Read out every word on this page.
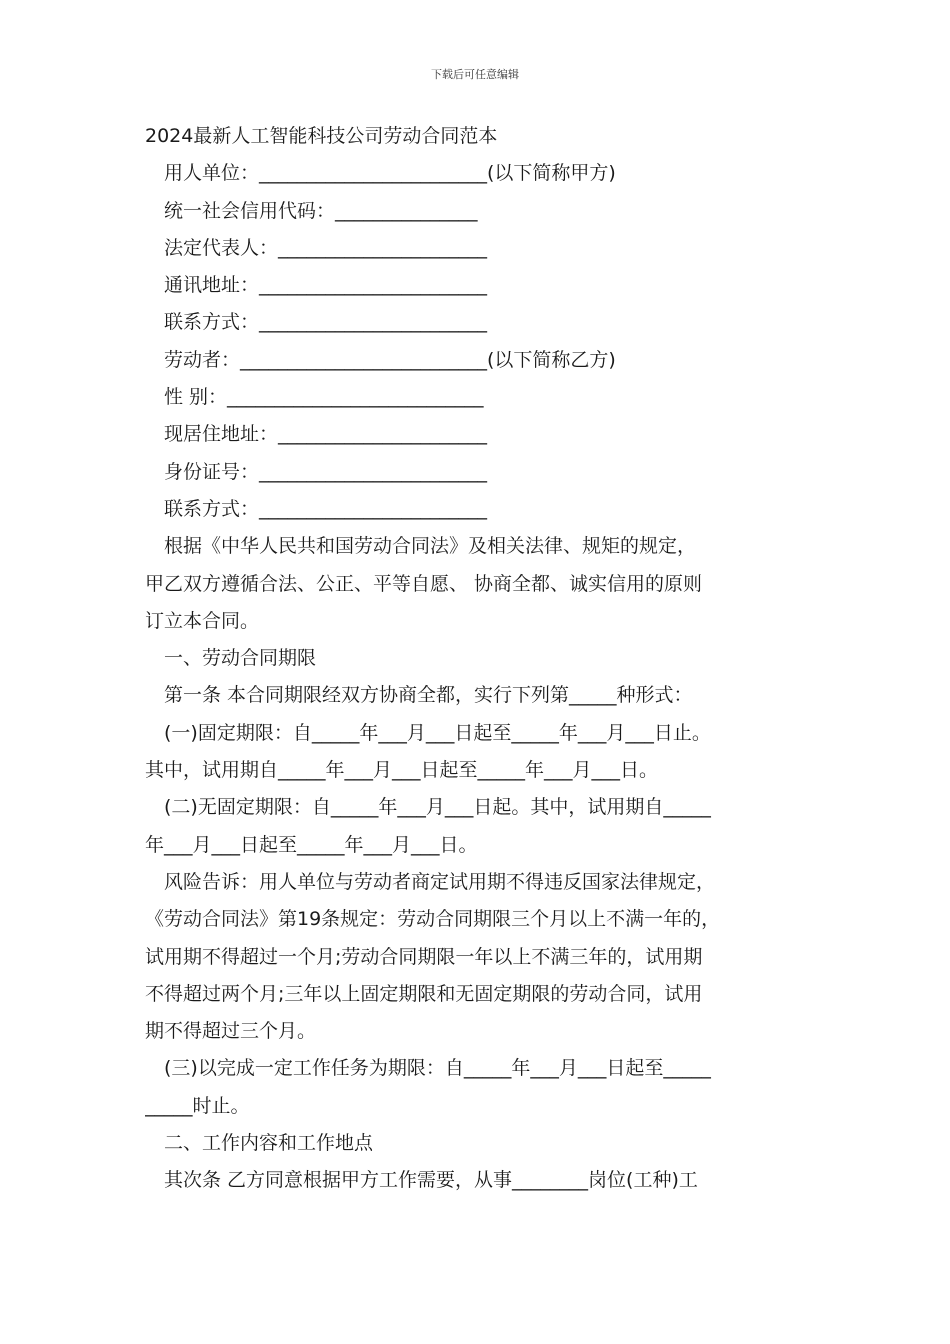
下载后可任意编辑
2024最新人工智能科技公司劳动合同范本
用人单位：________________________(以下简称甲方)
统一社会信用代码：_______________
法定代表人：______________________
通讯地址：________________________
联系方式：________________________
劳动者：__________________________(以下简称乙方)
性 别：___________________________
现居住地址：______________________
身份证号：________________________
联系方式：________________________
根据《中华人民共和国劳动合同法》及相关法律、规矩的规定，
甲乙双方遵循合法、公正、平等自愿、 协商全都、诚实信用的原则
订立本合同。
一、劳动合同期限
第一条 本合同期限经双方协商全都，实行下列第_____种形式：
(一)固定期限：自_____年___月___日起至_____年___月___日止。
其中，试用期自_____年___月___日起至_____年___月___日。
(二)无固定期限：自_____年___月___日起。其中，试用期自_____
年___月___日起至_____年___月___日。
风险告诉：用人单位与劳动者商定试用期不得违反国家法律规定，
《劳动合同法》第19条规定：劳动合同期限三个月以上不满一年的，
试用期不得超过一个月;劳动合同期限一年以上不满三年的，试用期
不得超过两个月;三年以上固定期限和无固定期限的劳动合同，试用
期不得超过三个月。
(三)以完成一定工作任务为期限：自_____年___月___日起至_____
_____时止。
二、工作内容和工作地点
其次条 乙方同意根据甲方工作需要，从事________岗位(工种)工
